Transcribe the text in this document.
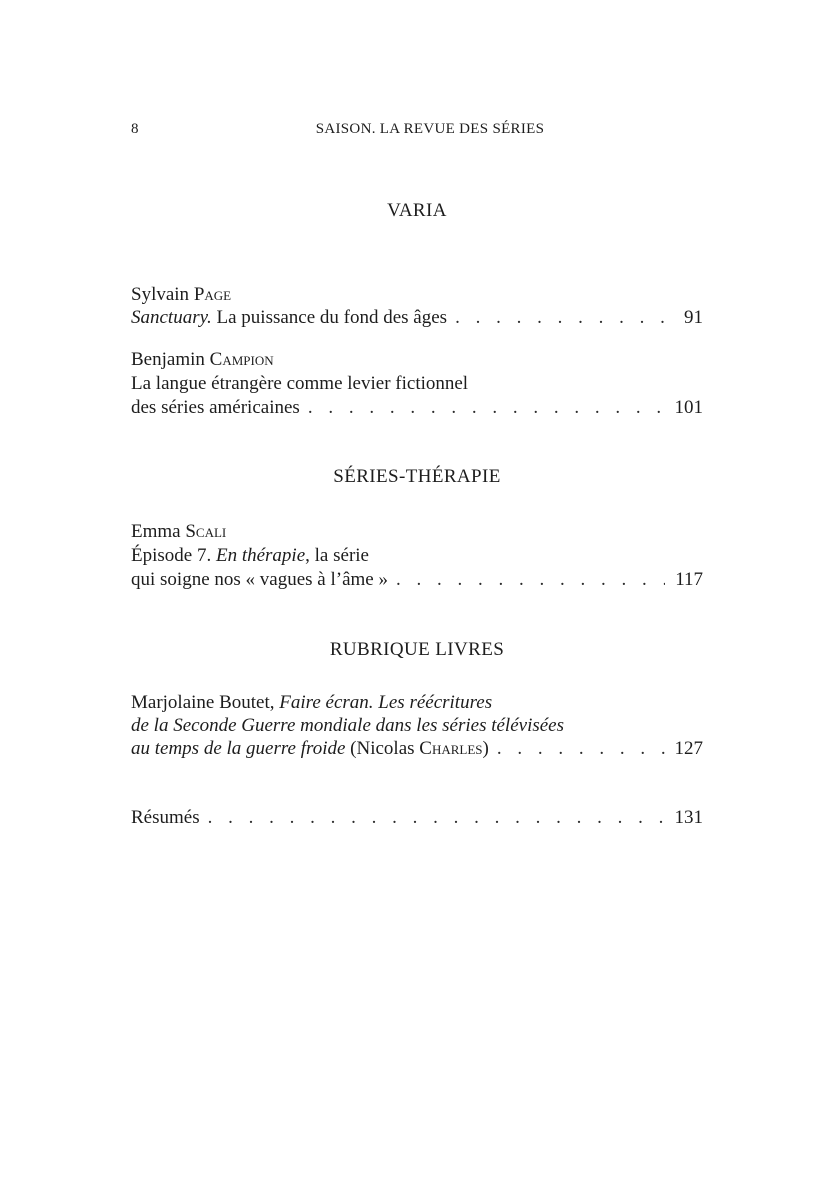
8	SAISON. LA REVUE DES SÉRIES
VARIA
Sylvain Page
Sanctuary. La puissance du fond des âges . . .	91
Benjamin Campion
La langue étrangère comme levier fictionnel
des séries américaines . . .	101
SÉRIES-THÉRAPIE
Emma Scali
Épisode 7. En thérapie, la série
qui soigne nos « vagues à l’âme » . . .	117
RUBRIQUE LIVRES
Marjolaine Boutet, Faire écran. Les réécritures
de la Seconde Guerre mondiale dans les séries télévisées
au temps de la guerre froide (Nicolas Charles) . . .	127
Résumés . . .	131
